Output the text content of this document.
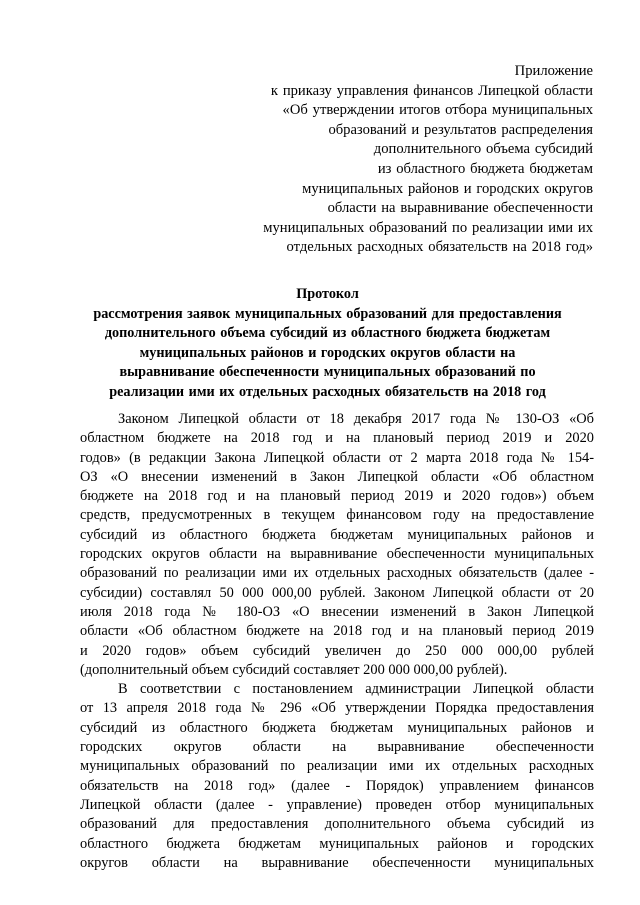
Приложение
к приказу управления финансов Липецкой области
«Об утверждении итогов отбора муниципальных
образований и результатов распределения
дополнительного объема субсидий
из областного бюджета бюджетам
муниципальных районов и городских округов
области на выравнивание обеспеченности
муниципальных образований по реализации ими их
отдельных расходных обязательств на 2018 год»
Протокол
рассмотрения заявок муниципальных образований для предоставления
дополнительного объема субсидий из областного бюджета бюджетам
муниципальных районов и городских округов области на
выравнивание обеспеченности муниципальных образований по
реализации ими их отдельных расходных обязательств на 2018 год
Законом Липецкой области от 18 декабря 2017 года № 130-ОЗ «Об
областном бюджете на 2018 год и на плановый период 2019 и 2020
годов» (в редакции Закона Липецкой области от 2 марта 2018 года № 154-
ОЗ «О внесении изменений в Закон Липецкой области «Об областном
бюджете на 2018 год и на плановый период 2019 и 2020 годов») объем
средств, предусмотренных в текущем финансовом году на предоставление
субсидий из областного бюджета бюджетам муниципальных районов и
городских округов области на выравнивание обеспеченности муниципальных
образований по реализации ими их отдельных расходных обязательств (далее -
субсидии) составлял 50 000 000,00 рублей. Законом Липецкой области от 20
июля 2018 года № 180-ОЗ «О внесении изменений в Закон Липецкой
области «Об областном бюджете на 2018 год и на плановый период 2019
и 2020 годов» объем субсидий увеличен до 250 000 000,00 рублей
(дополнительный объем субсидий составляет 200 000 000,00 рублей).
В соответствии с постановлением администрации Липецкой области
от 13 апреля 2018 года № 296 «Об утверждении Порядка предоставления
субсидий из областного бюджета бюджетам муниципальных районов и
городских округов области на выравнивание обеспеченности
муниципальных образований по реализации ими их отдельных расходных
обязательств на 2018 год» (далее - Порядок) управлением финансов
Липецкой области (далее - управление) проведен отбор муниципальных
образований для предоставления дополнительного объема субсидий из
областного бюджета бюджетам муниципальных районов и городских
округов области на выравнивание обеспеченности муниципальных
